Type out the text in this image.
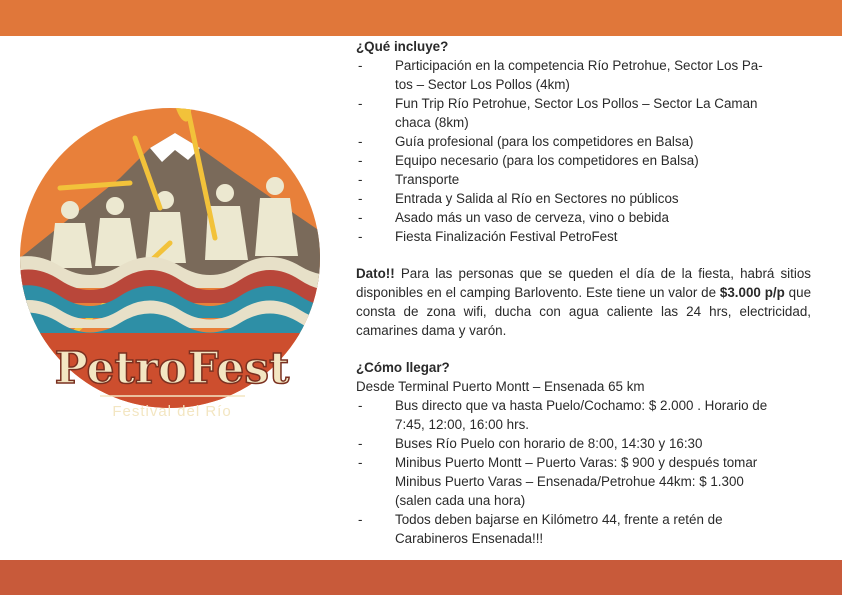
PetroFest
Festival del Río
¿Qué incluye?
- Participación en la competencia Río Petrohue, Sector Los Pa-
tos – Sector Los Pollos (4km)
- Fun Trip Río Petrohue, Sector Los Pollos – Sector La Caman
chaca (8km)
- Guía profesional (para los competidores en Balsa)
- Equipo necesario (para los competidores en Balsa)
- Transporte
- Entrada y Salida al Río en Sectores no públicos
- Asado más un vaso de cerveza, vino o bebida
- Fiesta Finalización Festival PetroFest
Dato!! Para las personas que se queden el día de la fiesta, habrá sitios disponibles en el camping Barlovento. Este tiene un valor de $3.000 p/p que consta de zona wifi, ducha con agua caliente las 24 hrs, electricidad, camarines dama y varón.
¿Cómo llegar?
Desde Terminal Puerto Montt – Ensenada 65 km
- Bus directo que va hasta Puelo/Cochamo: $ 2.000 . Horario de
7:45, 12:00, 16:00 hrs.
- Buses Río Puelo con horario de 8:00, 14:30 y 16:30
- Minibus Puerto Montt – Puerto Varas: $ 900 y después tomar
Minibus Puerto Varas – Ensenada/Petrohue 44km: $ 1.300
(salen cada una hora)
- Todos deben bajarse en Kilómetro 44, frente a retén de
Carabineros Ensenada!!!
